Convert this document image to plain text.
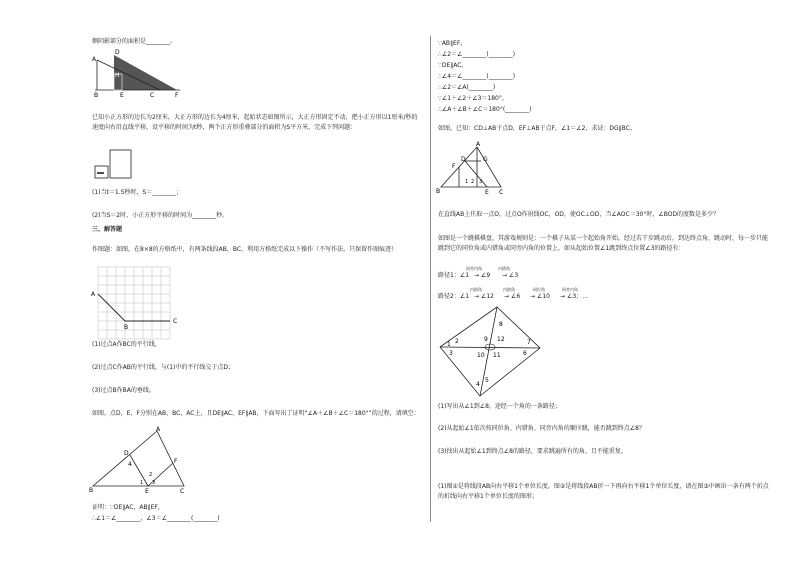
侧阴影部分的面积是________。
D
A
H
B	E	C	F
已知小正方形的边长为2厘米，大正方形的边长为4厘米，起始状态如图所示，大正方形固定不动，把小正方形以1厘米/秒的速度向右沿直线平移，设平移的时间为t秒，两个正方形重叠部分的面积为S平方米，完成下列问题：
(1)当t＝1.5秒时，S＝________；
(2)当S＝2时，小正方形平移的时间为________秒。
三、解答题
作图题：如图，在8×8的方格纸中，有两条线段AB，BC，利用方格纸完成以下操作（不写作法，只保留作图痕迹）
A
B
C
(1)过点A作BC的平行线，
(2)过点C作AB的平行线，与(1)中的平行线交于点D；
(3)过点B作BA的垂线。
如图，点D，E，F分别在AB，BC，AC上，且DE∥AC，EF∥AB，下面写出了证明“∠A＋∠B＋∠C＝180°”的过程，请填空：
A
D
4	F
1
2
3
B	E	C
证明：∵DE∥AC，AB∥EF，
∴∠1＝∠________，∠3＝∠________(________)
∵AB∥EF，
∴∠2＝∠________(________)
∵DE∥AC，
∴∠4＝∠________(________)
∴∠2＝∠A(________)
∵∠1＋∠2＋∠3＝180°，
∴∠A＋∠B＋∠C＝180°(________)
如图，已知：CD⊥AB于点D，EF⊥AB于点F，∠1＝∠2，求证：DG∥BC。
A
D	G
F
1 2 3
B	E C
在直线AB上任取一点O，过点O作射线OC，OD，使OC⊥OD，当∠AOC＝30°时，∠BOD的度数是多少？
如图是一个跳棋棋盘，其游戏规则是：一个棋子从某一个起始角开始，经过若干步跳动后，到达终点角，跳动时，每一步只能跳到它的同位角或内错角或同旁内角的位置上，如从起始位置∠1跳到终点位置∠3的路径有：
路径1：∠1
同旁内角
→ ∠9
内错角
→ ∠3
路径2：∠1
内错角
→ ∠12
内错角
→ ∠6
同位角
→ ∠10
同旁内角
→ ∠3；…
1 2
3
4
5
6
7
8
9
10 11
12
(1)写出从∠1到∠8，途经一个角的一条路径；
(2)从起始∠1依次按同位角、内错角、同旁内角的顺序跳，能否跳到终点∠8？
(3)找出从起始∠1到终点∠8的路径，要求跳遍所有的角，且不能重复。
(1)图①是将线段AB向右平移1个单位长度，图②是将线段AB折一下再向右平移1个单位长度，请在图③中画出一条有两个折点的折线向右平移1个单位长度的图形；
